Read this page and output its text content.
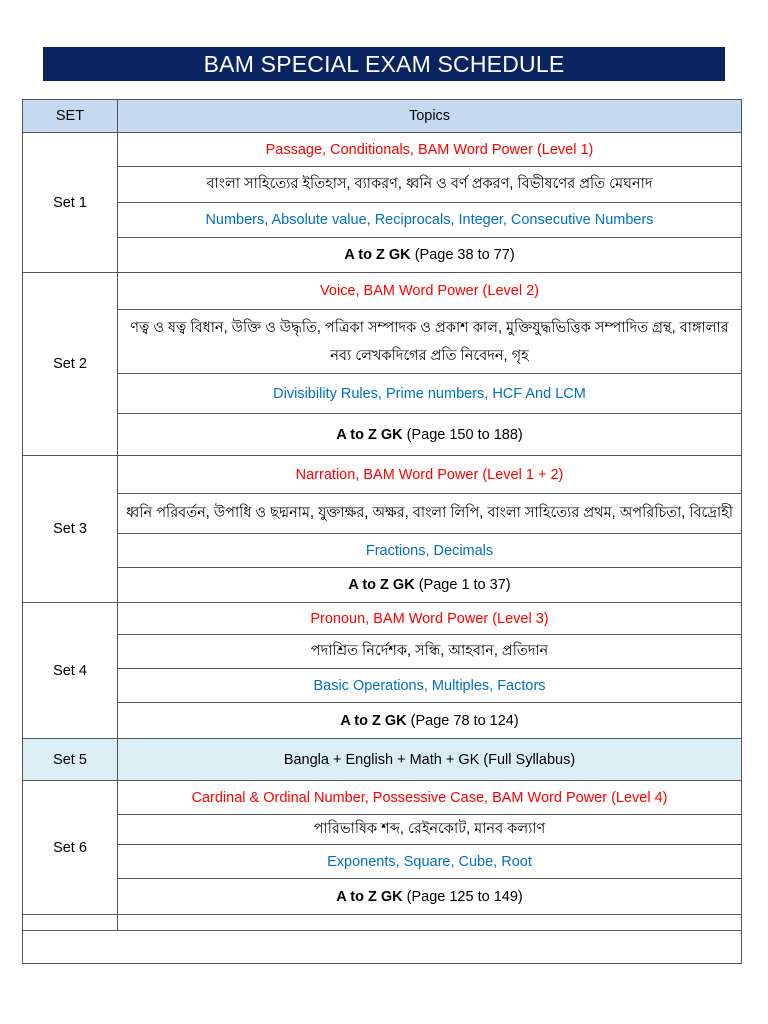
BAM SPECIAL EXAM SCHEDULE
SET	Topics
Set 1	Passage, Conditionals, BAM Word Power (Level 1)
	বাংলা সাহিত্যের ইতিহাস, ব্যাকরণ, ধ্বনি ও বর্ণ প্রকরণ, বিভীষণের প্রতি মেঘনাদ
	Numbers, Absolute value, Reciprocals, Integer, Consecutive Numbers
	A to Z GK (Page 38 to 77)
Set 2	Voice, BAM Word Power (Level 2)
	ণত্ব ও ষত্ব বিধান, উক্তি ও উদ্ধৃতি, পত্রিকা সম্পাদক ও প্রকাশ কাল, মুক্তিযুদ্ধভিত্তিক সম্পাদিত গ্রন্থ, বাঙ্গালার নব্য লেখকদিগের প্রতি নিবেদন, গৃহ
	Divisibility Rules, Prime numbers, HCF And LCM
	A to Z GK (Page 150 to 188)
Set 3	Narration, BAM Word Power (Level 1 + 2)
	ধ্বনি পরিবর্তন, উপাধি ও ছদ্মনাম, যুক্তাক্ষর, অক্ষর, বাংলা লিপি, বাংলা সাহিত্যের প্রথম, অপরিচিতা, বিদ্রোহী
	Fractions, Decimals
	A to Z GK (Page 1 to 37)
Set 4	Pronoun, BAM Word Power (Level 3)
	পদাশ্রিত নির্দেশক, সন্ধি, আহবান, প্রতিদান
	Basic Operations, Multiples, Factors
	A to Z GK (Page 78 to 124)
Set 5	Bangla + English + Math + GK (Full Syllabus)
Set 6	Cardinal & Ordinal Number, Possessive Case, BAM Word Power (Level 4)
	পারিভাষিক শব্দ, রেইনকোট, মানব কল্যাণ
	Exponents, Square, Cube, Root
	A to Z GK (Page 125 to 149)
